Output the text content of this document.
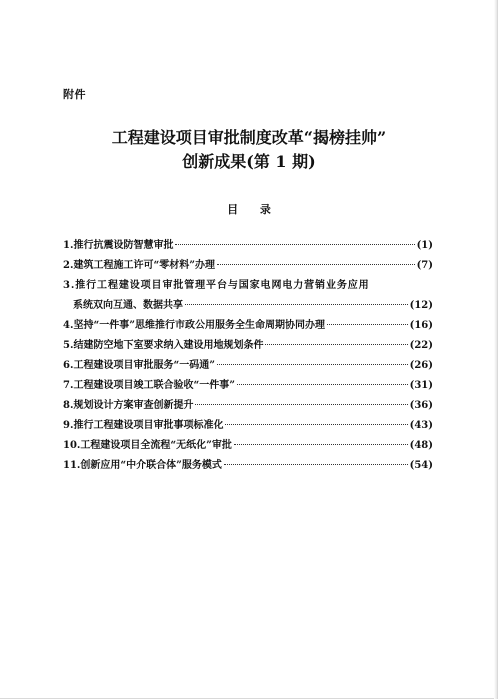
附件
工程建设项目审批制度改革“揭榜挂帅”
创新成果(第 1 期)
目 录
1.推行抗震设防智慧审批	(1)
2.建筑工程施工许可“零材料”办理	(7)
3.推行工程建设项目审批管理平台与国家电网电力营销业务应用
系统双向互通、数据共享	(12)
4.坚持“一件事”思维推行市政公用服务全生命周期协同办理	(16)
5.结建防空地下室要求纳入建设用地规划条件	(22)
6.工程建设项目审批服务“一码通”	(26)
7.工程建设项目竣工联合验收“一件事”	(31)
8.规划设计方案审查创新提升	(36)
9.推行工程建设项目审批事项标准化	(43)
10.工程建设项目全流程“无纸化”审批	(48)
11.创新应用“中介联合体”服务模式	(54)
